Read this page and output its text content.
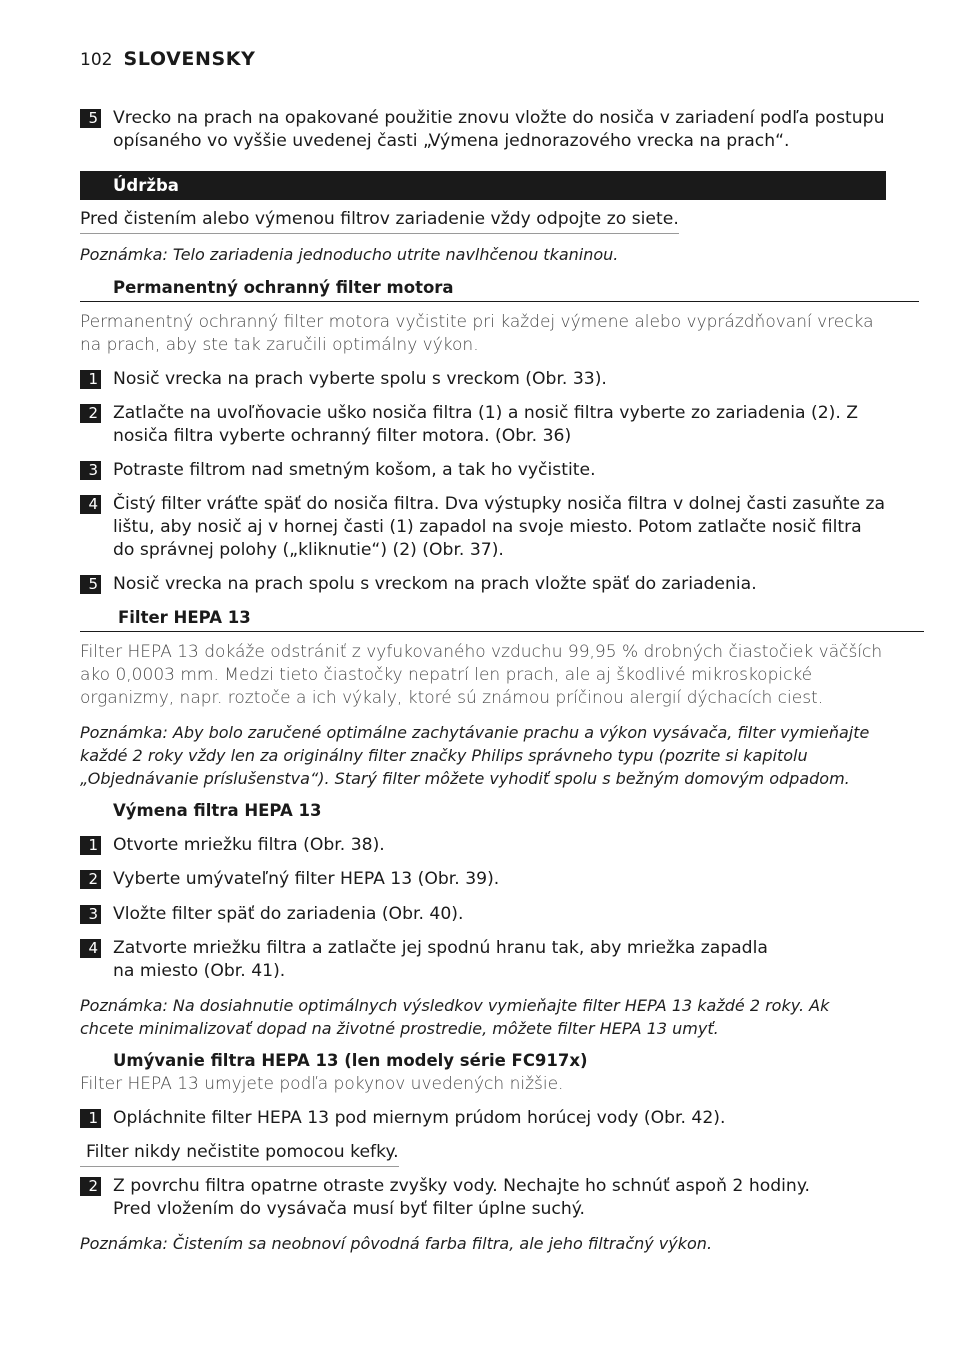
102 SLOVENSKY
5 Vrecko na prach na opakované použitie znovu vložte do nosiča v zariadení podľa postupu opísaného vo vyššie uvedenej časti „Výmena jednorazového vrecka na prach“.
Údržba
Pred čistením alebo výmenou filtrov zariadenie vždy odpojte zo siete.
Poznámka: Telo zariadenia jednoducho utrite navlhčenou tkaninou.
Permanentný ochranný filter motora
Permanentný ochranný filter motora vyčistite pri každej výmene alebo vyprázdňovaní vrecka na prach, aby ste tak zaručili optimálny výkon.
1 Nosič vrecka na prach vyberte spolu s vreckom (Obr. 33).
2 Zatlačte na uvoľňovacie uško nosiča filtra (1) a nosič filtra vyberte zo zariadenia (2). Z nosiča filtra vyberte ochranný filter motora. (Obr. 36)
3 Potraste filtrom nad smetným košom, a tak ho vyčistite.
4 Čistý filter vráťte späť do nosiča filtra. Dva výstupky nosiča filtra v dolnej časti zasuňte za lištu, aby nosič aj v hornej časti (1) zapadol na svoje miesto. Potom zatlačte nosič filtra do správnej polohy („kliknutie“) (2) (Obr. 37).
5 Nosič vrecka na prach spolu s vreckom na prach vložte späť do zariadenia.
Filter HEPA 13
Filter HEPA 13 dokáže odstrániť z vyfukovaného vzduchu 99,95 % drobných čiastočiek väčších ako 0,0003 mm. Medzi tieto čiastočky nepatrí len prach, ale aj škodlivé mikroskopické organizmy, napr. roztoče a ich výkaly, ktoré sú známou príčinou alergií dýchacích ciest.
Poznámka: Aby bolo zaručené optimálne zachytávanie prachu a výkon vysávača, filter vymieňajte každé 2 roky vždy len za originálny filter značky Philips správneho typu (pozrite si kapitolu „Objednávanie príslušenstva“). Starý filter môžete vyhodiť spolu s bežným domovým odpadom.
Výmena filtra HEPA 13
1 Otvorte mriežku filtra (Obr. 38).
2 Vyberte umývateľný filter HEPA 13 (Obr. 39).
3 Vložte filter späť do zariadenia (Obr. 40).
4 Zatvorte mriežku filtra a zatlačte jej spodnú hranu tak, aby mriežka zapadla na miesto (Obr. 41).
Poznámka: Na dosiahnutie optimálnych výsledkov vymieňajte filter HEPA 13 každé 2 roky. Ak chcete minimalizovať dopad na životné prostredie, môžete filter HEPA 13 umyť.
Umývanie filtra HEPA 13 (len modely série FC917x)
Filter HEPA 13 umyjete podľa pokynov uvedených nižšie.
1 Opláchnite filter HEPA 13 pod miernym prúdom horúcej vody (Obr. 42).
Filter nikdy nečistite pomocou kefky.
2 Z povrchu filtra opatrne otraste zvyšky vody. Nechajte ho schnúť aspoň 2 hodiny. Pred vložením do vysávača musí byť filter úplne suchý.
Poznámka: Čistením sa neobnoví pôvodná farba filtra, ale jeho filtračný výkon.
